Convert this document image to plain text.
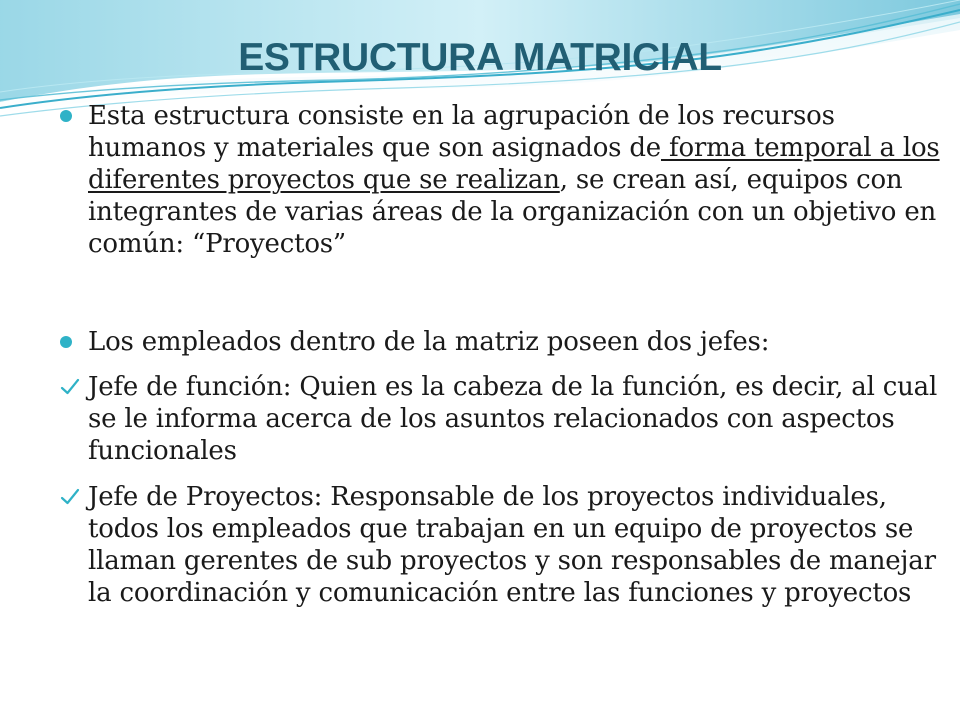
ESTRUCTURA MATRICIAL
Esta estructura consiste en la agrupación de los recursos humanos y materiales que son asignados de forma temporal a los diferentes proyectos que se realizan, se crean así, equipos con integrantes de varias áreas de la organización con un objetivo en común: “Proyectos”
Los empleados dentro de la matriz poseen dos jefes:
Jefe de función: Quien es la cabeza de la función, es decir, al cual se le informa acerca de los asuntos relacionados con aspectos funcionales
Jefe de Proyectos: Responsable de los proyectos individuales, todos los empleados que trabajan en un equipo de proyectos se llaman gerentes de sub proyectos y son responsables de manejar la coordinación y comunicación entre las funciones y proyectos
